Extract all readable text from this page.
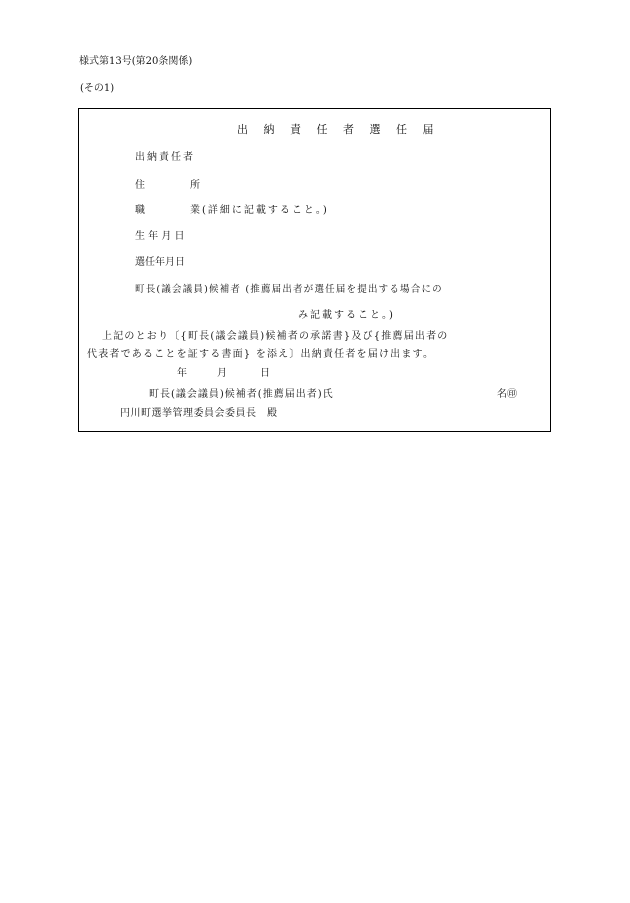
様式第13号(第20条関係)
(その1)
出 納 責 任 者 選 任 届
出納責任者
住	所
職	業(詳細に記載すること。)
生 年 月 日
選任年月日
町長(議会議員)候補者 (推薦届出者が選任届を提出する場合にの
み記載すること。)
上記のとおり〔{町長(議会議員)候補者の承諾書}及び{推薦届出者の
代表者であることを証する書面} を添え〕出納責任者を届け出ます。
年	月	日
町長(議会議員)候補者(推薦届出者)氏	名㊞
円川町選挙管理委員会委員長　殿
